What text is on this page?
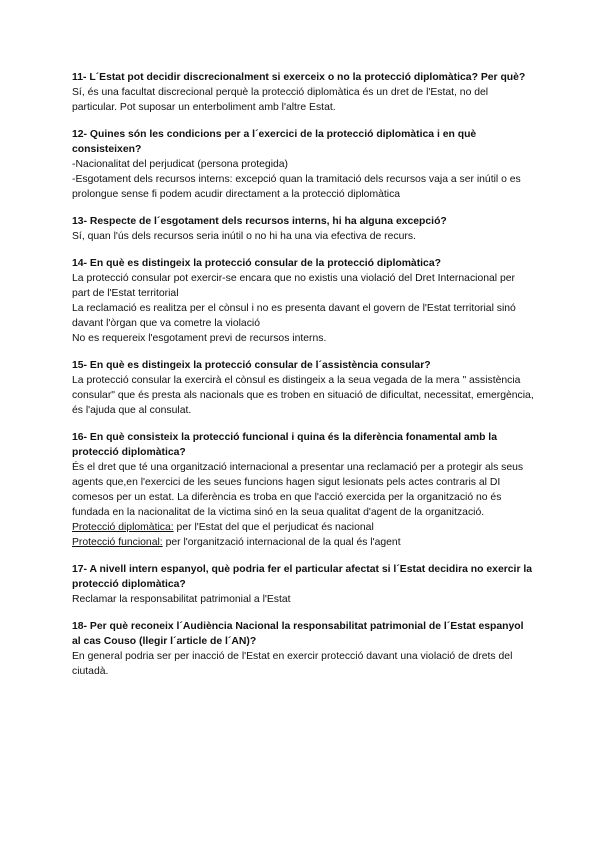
11- L´Estat pot decidir discrecionalment si exerceix o no la protecció diplomàtica? Per què?

Sí, és una facultat discrecional perquè la protecció diplomàtica és un dret de l'Estat, no del particular. Pot suposar un enterboliment amb l'altre Estat.

12- Quines són les condicions per a l´exercici de la protecció diplomàtica i en què consisteixen?

-Nacionalitat del perjudicat (persona protegida)

-Esgotament dels recursos interns: excepció quan la tramitació dels recursos vaja a ser inútil o es prolongue sense fi podem acudir directament a la protecció diplomàtica

13- Respecte de l´esgotament dels recursos interns, hi ha alguna excepció?

Sí, quan l'ús dels recursos seria inútil o no hi ha una via efectiva de recurs.

14- En què es distingeix la protecció consular de la protecció diplomàtica?

La protecció consular pot exercir-se encara que no existis una violació del Dret Internacional per part de l'Estat territorial

La reclamació es realitza per el cònsul i no es presenta davant el govern de l'Estat territorial sinó davant l'òrgan que va cometre la violació

No es requereix l'esgotament previ de recursos interns.

15- En què es distingeix la protecció consular de l´assistència consular?

La protecció consular la exercirà el cònsul es distingeix a la seua vegada de la mera " assistència consular" que és presta als nacionals que es troben en situació de dificultat, necessitat, emergència, és l'ajuda que al consulat.

16- En què consisteix la protecció funcional i quina és la diferència fonamental amb la protecció diplomàtica?

És el dret que té una organització internacional a presentar una reclamació per a protegir als seus agents que,en l'exercici de les seues funcions hagen sigut lesionats pels actes contraris al DI comesos per un estat. La diferència es troba en que l'acció exercida per la organització no és fundada en la nacionalitat de la victima sinó en la seua qualitat d'agent de la organització.

Protecció diplomàtica: per l'Estat del que el perjudicat és nacional

Protecció funcional: per l'organització internacional de la qual és l'agent

17- A nivell intern espanyol, què podria fer el particular afectat si l´Estat decidira no exercir la protecció diplomàtica?

Reclamar la responsabilitat patrimonial a l'Estat

18- Per què reconeix l´Audiència Nacional la responsabilitat patrimonial de l´Estat espanyol al cas Couso (llegir l´article de l´AN)?

En general podria ser per inacció de l'Estat en exercir protecció davant una violació de drets del ciutadà.
